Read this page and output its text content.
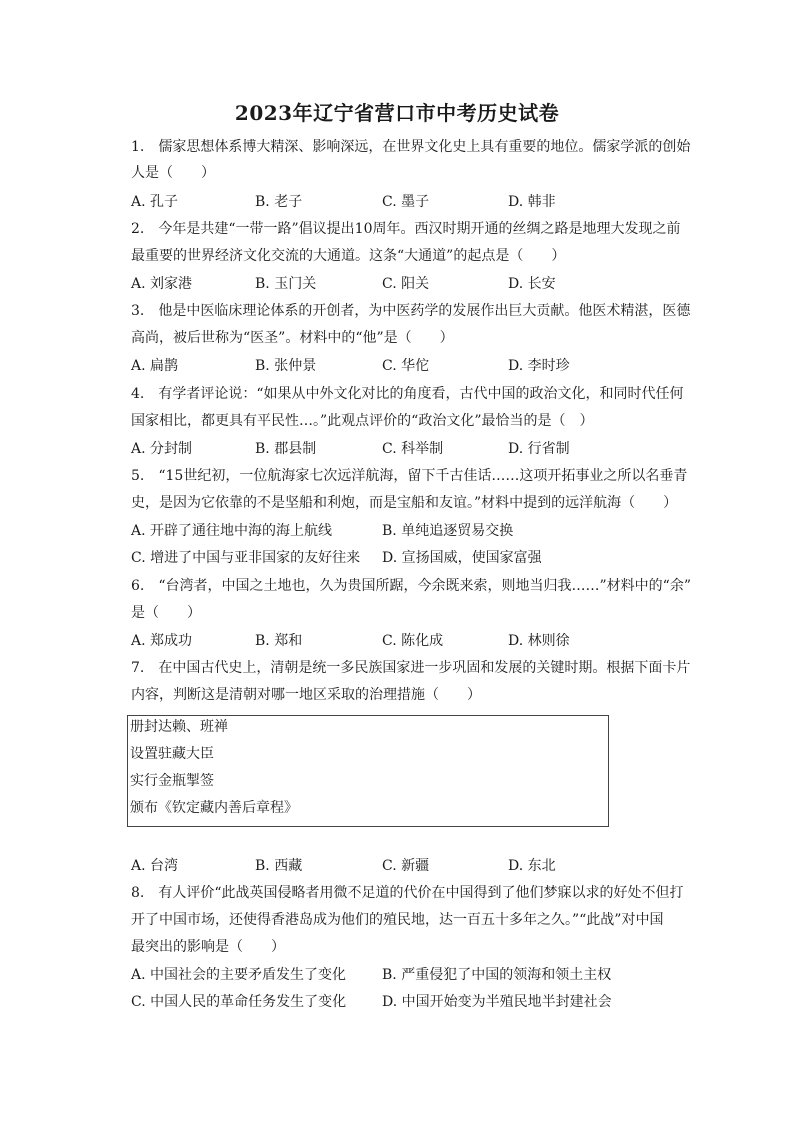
2023年辽宁省营口市中考历史试卷
1.　儒家思想体系博大精深、影响深远，在世界文化史上具有重要的地位。儒家学派的创始
人是（　　）
A. 孔子	B. 老子	C. 墨子	D. 韩非
2.　今年是共建“一带一路”倡议提出10周年。西汉时期开通的丝绸之路是地理大发现之前
最重要的世界经济文化交流的大通道。这条“大通道”的起点是（　　）
A. 刘家港	B. 玉门关	C. 阳关	D. 长安
3.　他是中医临床理论体系的开创者，为中医药学的发展作出巨大贡献。他医术精湛，医德
高尚，被后世称为“医圣”。材料中的“他”是（　　）
A. 扁鹊	B. 张仲景	C. 华佗	D. 李时珍
4.　有学者评论说：“如果从中外文化对比的角度看，古代中国的政治文化，和同时代任何
国家相比，都更具有平民性…。”此观点评价的“政治文化”最恰当的是（　）
A. 分封制	B. 郡县制	C. 科举制	D. 行省制
5.　“15世纪初，一位航海家七次远洋航海，留下千古佳话……这项开拓事业之所以名垂青
史，是因为它依靠的不是坚船和利炮，而是宝船和友谊。”材料中提到的远洋航海（　　）
A. 开辟了通往地中海的海上航线	B. 单纯追逐贸易交换
C. 增进了中国与亚非国家的友好往来 D. 宣扬国威，使国家富强
6.　“台湾者，中国之土地也，久为贵国所踞，今余既来索，则地当归我……”材料中的“余”
是（　　）
A. 郑成功	B. 郑和	C. 陈化成	D. 林则徐
7.　在中国古代史上，清朝是统一多民族国家进一步巩固和发展的关键时期。根据下面卡片
内容，判断这是清朝对哪一地区采取的治理措施（　　）
册封达赖、班禅
设置驻藏大臣
实行金瓶掣签
颁布《钦定藏内善后章程》
A. 台湾	B. 西藏	C. 新疆	D. 东北
8.　有人评价“此战英国侵略者用微不足道的代价在中国得到了他们梦寐以求的好处不但打
开了中国市场，还使得香港岛成为他们的殖民地，达一百五十多年之久。”“此战”对中国
最突出的影响是（　　）
A. 中国社会的主要矛盾发生了变化	B. 严重侵犯了中国的领海和领土主权
C. 中国人民的革命任务发生了变化	D. 中国开始变为半殖民地半封建社会
